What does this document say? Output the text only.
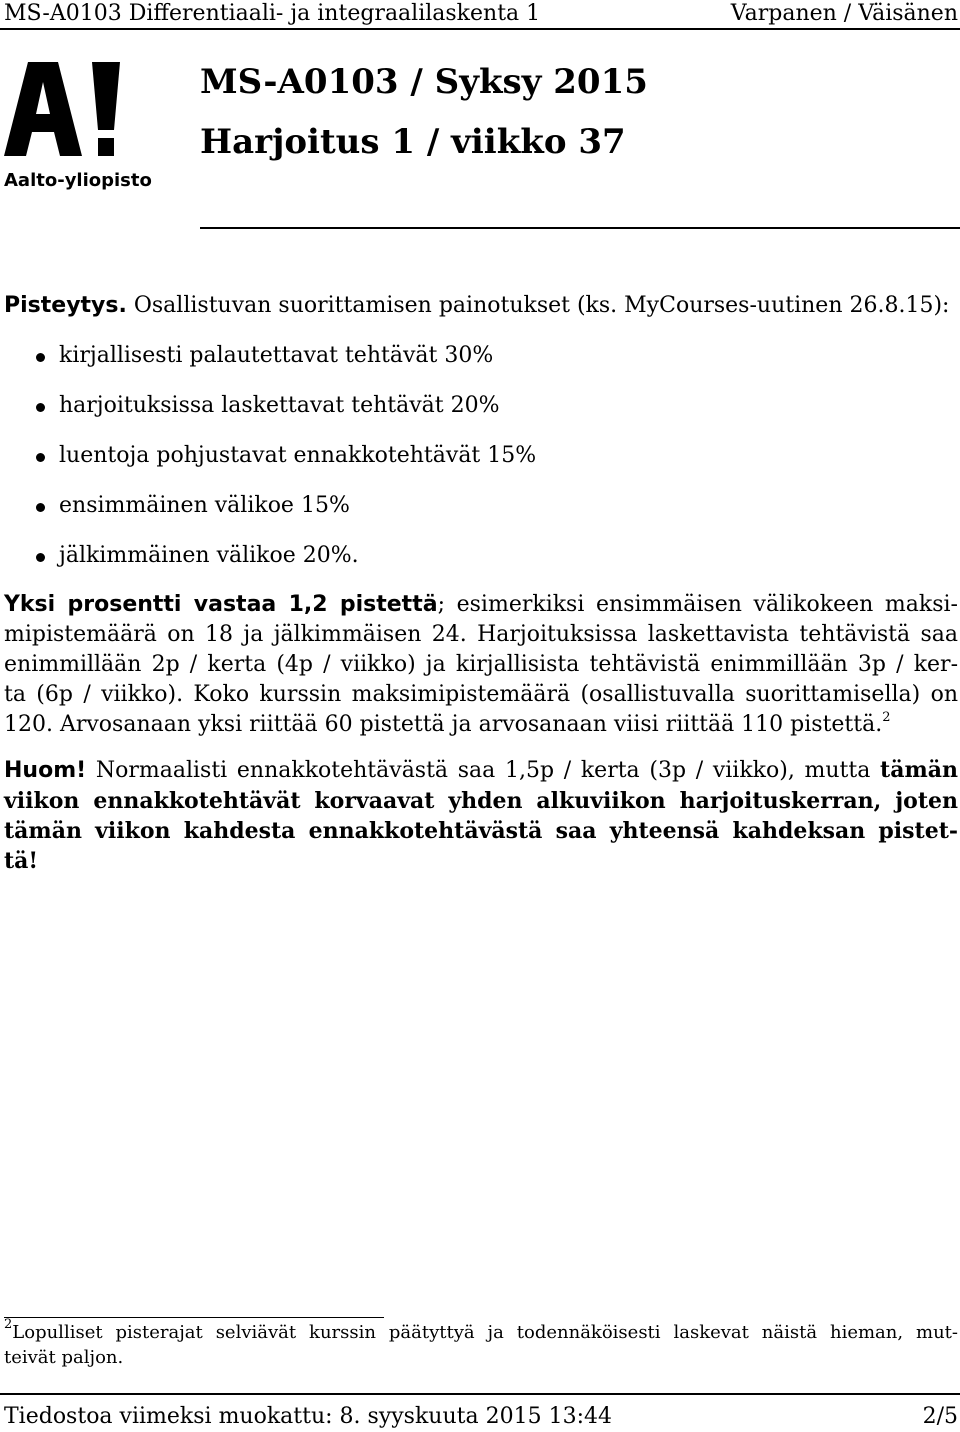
MS-A0103 Differentiaali- ja integraalilaskenta 1	Varpanen / Väisänen
Aalto-yliopisto
MS-A0103 / Syksy 2015
Harjoitus 1 / viikko 37
Pisteytys. Osallistuvan suorittamisen painotukset (ks. MyCourses-uutinen 26.8.15):
kirjallisesti palautettavat tehtävät 30%
harjoituksissa laskettavat tehtävät 20%
luentoja pohjustavat ennakkotehtävät 15%
ensimmäinen välikoe 15%
jälkimmäinen välikoe 20%.
Yksi prosentti vastaa 1,2 pistettä; esimerkiksi ensimmäisen välikokeen maksi-
mipistemäärä on 18 ja jälkimmäisen 24. Harjoituksissa laskettavista tehtävistä saa
enimmillään 2p / kerta (4p / viikko) ja kirjallisista tehtävistä enimmillään 3p / ker-
ta (6p / viikko). Koko kurssin maksimipistemäärä (osallistuvalla suorittamisella) on
120. Arvosanaan yksi riittää 60 pistettä ja arvosanaan viisi riittää 110 pistettä.$^2$
Huom! Normaalisti ennakkotehtävästä saa 1,5p / kerta (3p / viikko), mutta tämän
viikon ennakkotehtävät korvaavat yhden alkuviikon harjoituskerran, joten
tämän viikon kahdesta ennakkotehtävästä saa yhteensä kahdeksan pistet-
tä!
$^2$Lopulliset pisterajat selviävät kurssin päätyttyä ja todennäköisesti laskevat näistä hieman, mut-
teivät paljon.
Tiedostoa viimeksi muokattu: 8. syyskuuta 2015 13:44	2/5
